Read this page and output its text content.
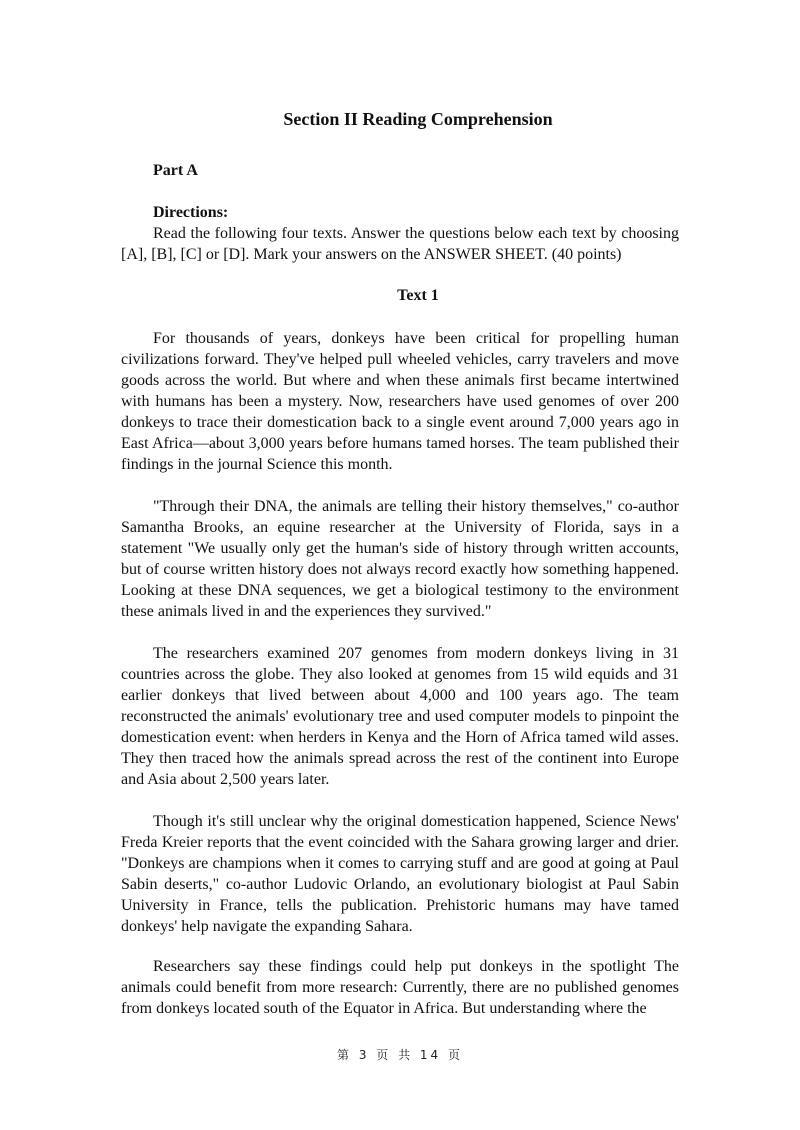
Section II Reading Comprehension
Part A
Directions:

Read the following four texts. Answer the questions below each text by choosing [A], [B], [C] or [D]. Mark your answers on the ANSWER SHEET. (40 points)

Text 1

For thousands of years, donkeys have been critical for propelling human civilizations forward. They've helped pull wheeled vehicles, carry travelers and move goods across the world. But where and when these animals first became intertwined with humans has been a mystery. Now, researchers have used genomes of over 200 donkeys to trace their domestication back to a single event around 7,000 years ago in East Africa—about 3,000 years before humans tamed horses. The team published their findings in the journal Science this month.

"Through their DNA, the animals are telling their history themselves," co-author Samantha Brooks, an equine researcher at the University of Florida, says in a statement "We usually only get the human's side of history through written accounts, but of course written history does not always record exactly how something happened. Looking at these DNA sequences, we get a biological testimony to the environment these animals lived in and the experiences they survived."

The researchers examined 207 genomes from modern donkeys living in 31 countries across the globe. They also looked at genomes from 15 wild equids and 31 earlier donkeys that lived between about 4,000 and 100 years ago. The team reconstructed the animals' evolutionary tree and used computer models to pinpoint the domestication event: when herders in Kenya and the Horn of Africa tamed wild asses. They then traced how the animals spread across the rest of the continent into Europe and Asia about 2,500 years later.

Though it's still unclear why the original domestication happened, Science News' Freda Kreier reports that the event coincided with the Sahara growing larger and drier. "Donkeys are champions when it comes to carrying stuff and are good at going at Paul Sabin deserts," co-author Ludovic Orlando, an evolutionary biologist at Paul Sabin University in France, tells the publication. Prehistoric humans may have tamed donkeys' help navigate the expanding Sahara.

Researchers say these findings could help put donkeys in the spotlight The animals could benefit from more research: Currently, there are no published genomes from donkeys located south of the Equator in Africa. But understanding where the

第 3 页 共 14 页
